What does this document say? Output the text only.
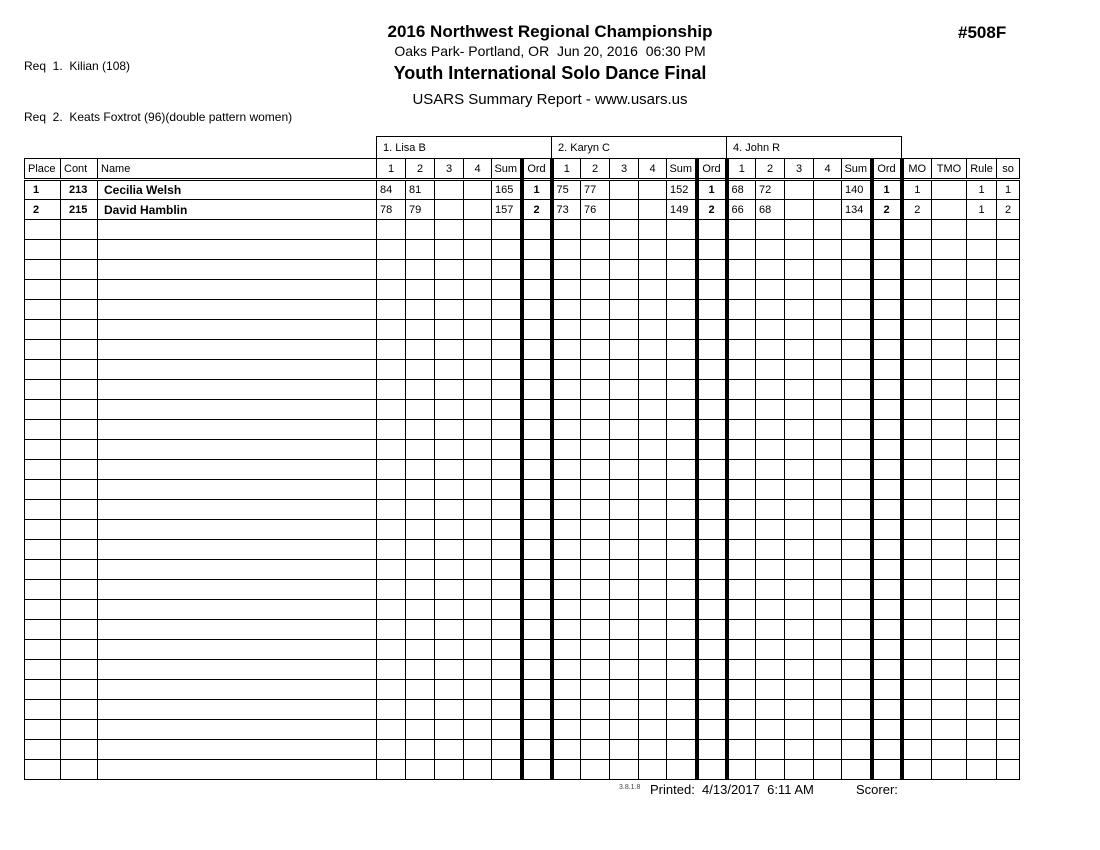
Req  1.  Kilian (108)

Req  2.  Keats Foxtrot (96)(double pattern women)

2016 Northwest Regional Championship
Oaks Park- Portland, OR  Jun 20, 2016  06:30 PM
Youth International Solo Dance Final
USARS Summary Report - www.usars.us
#508F
			1. Lisa B						2. Karyn C						4. John R									
Place	Cont	Name	1	2	3	4	Sum	Ord	1	2	3	4	Sum	Ord	1	2	3	4	Sum	Ord	MO	TMO	Rule	so
1	213	Cecilia Welsh	84	81			165	1	75	77			152	1	68	72			140	1	1		1	1
2	215	David Hamblin	78	79			157	2	73	76			149	2	66	68			134	2	2		1	2

3.8.1.8 Printed:  4/13/2017  6:11 AM	Scorer:
